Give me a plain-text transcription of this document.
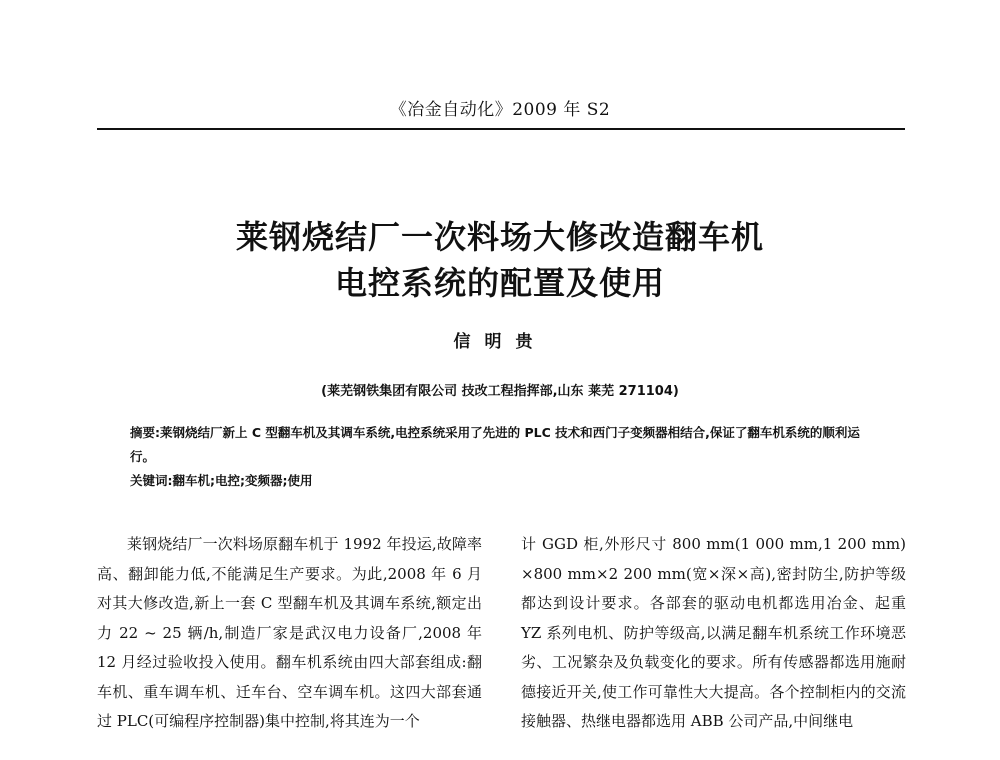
《冶金自动化》2009 年 S2
莱钢烧结厂一次料场大修改造翻车机
电控系统的配置及使用
信明贵
(莱芜钢铁集团有限公司 技改工程指挥部,山东 莱芜 271104)

摘要:莱钢烧结厂新上 C 型翻车机及其调车系统,电控系统采用了先进的 PLC 技术和西门子变频器相结合,保证了翻车机系统的顺利运行。

关键词:翻车机;电控;变频器;使用

莱钢烧结厂一次料场原翻车机于 1992 年投运,故障率高、翻卸能力低,不能满足生产要求。为此,2008 年 6 月对其大修改造,新上一套 C 型翻车机及其调车系统,额定出力 22 ~ 25 辆/h,制造厂家是武汉电力设备厂,2008 年 12 月经过验收投入使用。翻车机系统由四大部套组成:翻车机、重车调车机、迁车台、空车调车机。这四大部套通过 PLC(可编程序控制器)集中控制,将其连为一个

计 GGD 柜,外形尺寸 800 mm(1 000 mm,1 200 mm) ×800 mm×2 200 mm(宽×深×高),密封防尘,防护等级都达到设计要求。各部套的驱动电机都选用冶金、起重 YZ 系列电机、防护等级高,以满足翻车机系统工作环境恶劣、工况繁杂及负载变化的要求。所有传感器都选用施耐德接近开关,使工作可靠性大大提高。各个控制柜内的交流接触器、热继电器都选用 ABB 公司产品,中间继电
